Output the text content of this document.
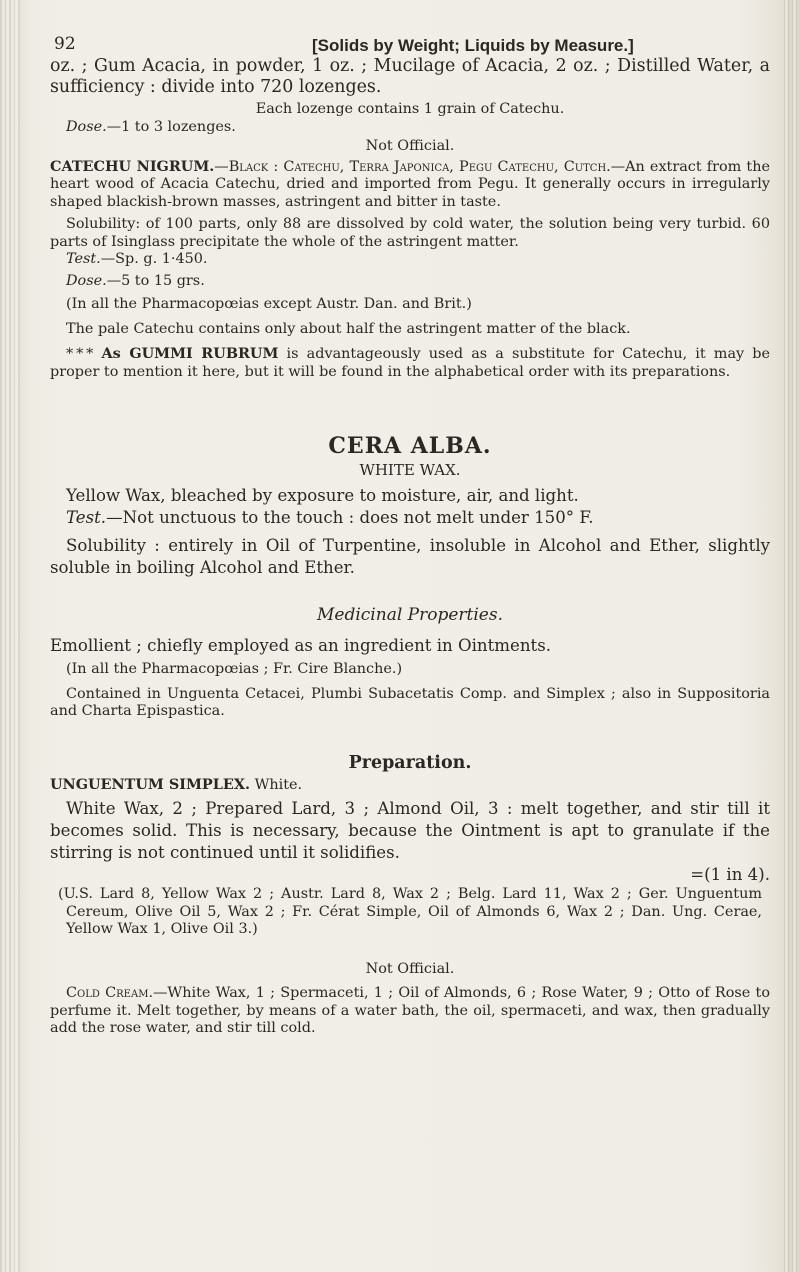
92	[Solids by Weight; Liquids by Measure.]

oz. ; Gum Acacia, in powder, 1 oz. ; Mucilage of Acacia, 2 oz. ; Distilled Water, a sufficiency : divide into 720 lozenges.

Each lozenge contains 1 grain of Catechu.

Dose.—1 to 3 lozenges.

Not Official.

CATECHU NIGRUM.—Black : Catechu, Terra Japonica, Pegu Catechu, Cutch.—An extract from the heart wood of Acacia Catechu, dried and imported from Pegu. It generally occurs in irregularly shaped blackish-brown masses, astringent and bitter in taste.

Solubility: of 100 parts, only 88 are dissolved by cold water, the solution being very turbid. 60 parts of Isinglass precipitate the whole of the astringent matter.

Test.—Sp. g. 1·450.

Dose.—5 to 15 grs.

(In all the Pharmacopœias except Austr. Dan. and Brit.)

The pale Catechu contains only about half the astringent matter of the black.

* * * As GUMMI RUBRUM is advantageously used as a substitute for Catechu, it may be proper to mention it here, but it will be found in the alphabetical order with its preparations.

CERA ALBA.

WHITE WAX.

Yellow Wax, bleached by exposure to moisture, air, and light.

Test.—Not unctuous to the touch : does not melt under 150° F.

Solubility : entirely in Oil of Turpentine, insoluble in Alcohol and Ether, slightly soluble in boiling Alcohol and Ether.

Medicinal Properties.

Emollient ; chiefly employed as an ingredient in Ointments.

(In all the Pharmacopœias ; Fr. Cire Blanche.)

Contained in Unguenta Cetacei, Plumbi Subacetatis Comp. and Simplex ; also in Suppositoria and Charta Epispastica.

Preparation.

UNGUENTUM SIMPLEX. White.

White Wax, 2 ; Prepared Lard, 3 ; Almond Oil, 3 : melt together, and stir till it becomes solid. This is necessary, because the Ointment is apt to granulate if the stirring is not continued until it solidifies.

=(1 in 4).

(U.S. Lard 8, Yellow Wax 2 ; Austr. Lard 8, Wax 2 ; Belg. Lard 11, Wax 2 ; Ger. Unguentum Cereum, Olive Oil 5, Wax 2 ; Fr. Cérat Simple, Oil of Almonds 6, Wax 2 ; Dan. Ung. Cerae, Yellow Wax 1, Olive Oil 3.)

Not Official.

Cold Cream.—White Wax, 1 ; Spermaceti, 1 ; Oil of Almonds, 6 ; Rose Water, 9 ; Otto of Rose to perfume it. Melt together, by means of a water bath, the oil, spermaceti, and wax, then gradually add the rose water, and stir till cold.
